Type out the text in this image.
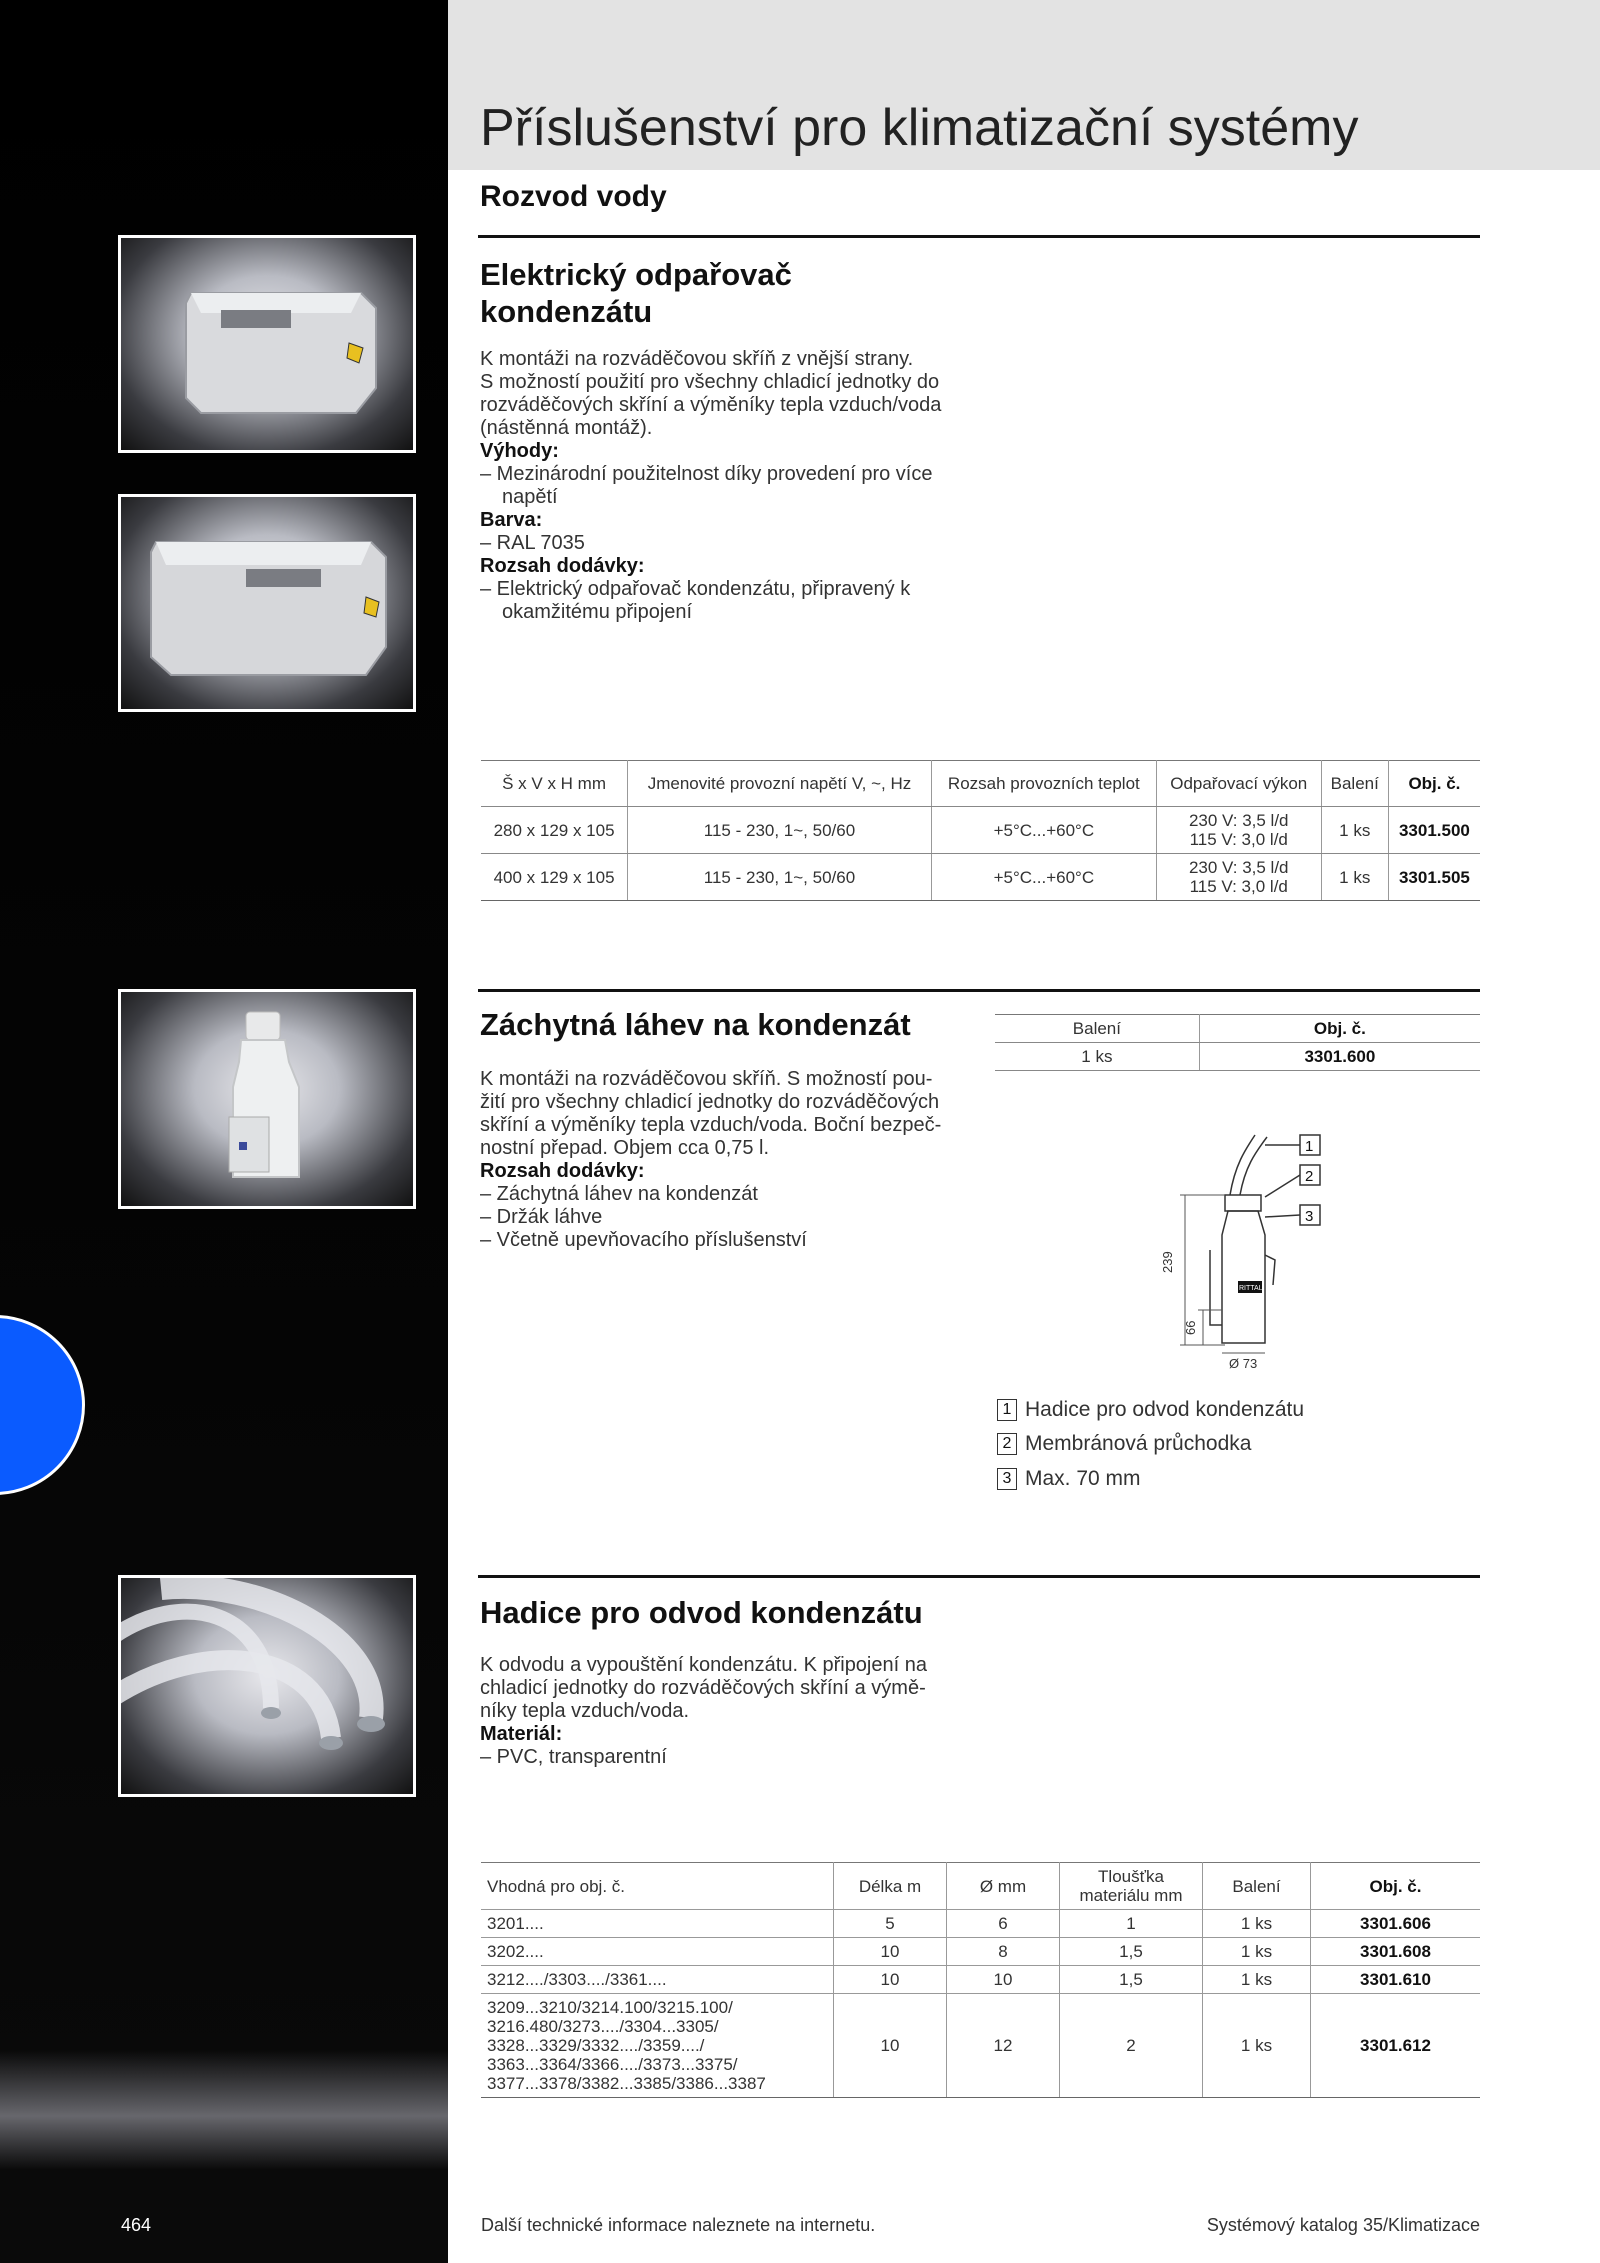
Příslušenství pro klimatizační systémy
Rozvod vody
Elektrický odpařovač
kondenzátu

K montáži na rozváděčovou skříň z vnější strany.

S možností použití pro všechny chladicí jednotky do

rozváděčových skříní a výměníky tepla vzduch/voda

(nástěnná montáž).

Výhody:

– Mezinárodní použitelnost díky provedení pro více napětí

Barva:

– RAL 7035

Rozsah dodávky:

– Elektrický odpařovač kondenzátu, připravený k okamžitému připojení

Š x V x H mm	Jmenovité provozní napětí V, ~, Hz	Rozsah provozních teplot	Odpařovací výkon	Balení	Obj. č.
280 x 129 x 105	115 - 230, 1~, 50/60	+5°C...+60°C	230 V: 3,5 l/d
115 V: 3,0 l/d	1 ks	3301.500
400 x 129 x 105	115 - 230, 1~, 50/60	+5°C...+60°C	230 V: 3,5 l/d
115 V: 3,0 l/d	1 ks	3301.505
Záchytná láhev na kondenzát

K montáži na rozváděčovou skříň. S možností pou-

žití pro všechny chladicí jednotky do rozváděčových

skříní a výměníky tepla vzduch/voda. Boční bezpeč-

nostní přepad. Objem cca 0,75 l.

Rozsah dodávky:

– Záchytná láhev na kondenzát

– Držák láhve

– Včetně upevňovacího příslušenství

Balení	Obj. č.
1 ks	3301.600
RITTAL
239
66
Ø 73
1
2
3
1 Hadice pro odvod kondenzátu
2 Membránová průchodka
3 Max. 70 mm
Hadice pro odvod kondenzátu

K odvodu a vypouštění kondenzátu. K připojení na

chladicí jednotky do rozváděčových skříní a výmě-

níky tepla vzduch/voda.

Materiál:

– PVC, transparentní

Vhodná pro obj. č.	Délka m	Ø mm	Tloušťka materiálu mm	Balení	Obj. č.
3201....	5	6	1	1 ks	3301.606
3202....	10	8	1,5	1 ks	3301.608
3212..../3303..../3361....	10	10	1,5	1 ks	3301.610
3209...3210/3214.100/3215.100/ 3216.480/3273..../3304...3305/ 3328...3329/3332..../3359..../ 3363...3364/3366..../3373...3375/ 3377...3378/3382...3385/3386...3387	10	12	2	1 ks	3301.612
464	Další technické informace naleznete na internetu.	Systémový katalog 35/Klimatizace
